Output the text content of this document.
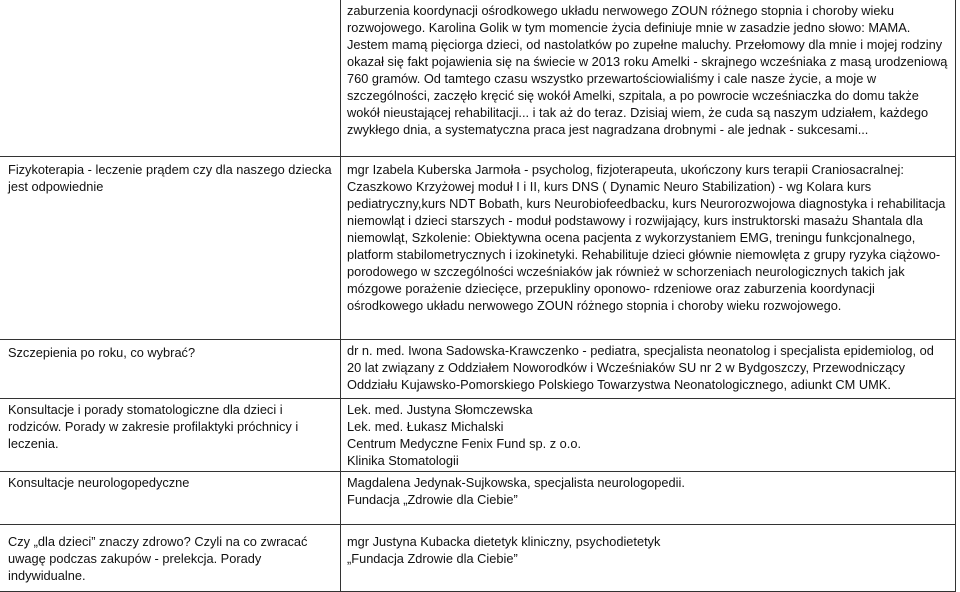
	zaburzenia koordynacji ośrodkowego układu nerwowego ZOUN różnego stopnia i choroby wieku rozwojowego. Karolina Golik w tym momencie życia definiuje mnie w zasadzie jedno słowo: MAMA. Jestem mamą pięciorga dzieci, od nastolatków po zupełne maluchy. Przełomowy dla mnie i mojej rodziny okazał się fakt pojawienia się na świecie w 2013 roku Amelki - skrajnego wcześniaka z masą urodzeniową 760 gramów. Od tamtego czasu wszystko przewartościowialiśmy i cale nasze życie, a moje w szczególności, zaczęło kręcić się wokół Amelki, szpitala, a po powrocie wcześniaczka do domu także wokół nieustającej rehabilitacji... i tak aż do teraz. Dzisiaj wiem, że cuda są naszym udziałem, każdego zwykłego dnia, a systematyczna praca jest nagradzana drobnymi - ale jednak - sukcesami...

Fizykoterapia - leczenie prądem czy dla naszego dziecka jest odpowiednie	mgr Izabela Kuberska Jarmoła - psycholog, fizjoterapeuta, ukończony kurs terapii Craniosacralnej: Czaszkowo Krzyżowej moduł I i II, kurs DNS ( Dynamic Neuro Stabilization) - wg Kolara kurs pediatryczny,kurs NDT Bobath, kurs Neurobiofeedbacku, kurs Neurorozwojowa diagnostyka i rehabilitacja niemowląt i dzieci starszych - moduł podstawowy i rozwijający, kurs instruktorski masażu Shantala dla niemowląt, Szkolenie: Obiektywna ocena pacjenta z wykorzystaniem EMG, treningu funkcjonalnego, platform stabilometrycznych i izokinetyki. Rehabilituje dzieci głównie niemowlęta z grupy ryzyka ciążowo- porodowego w szczególności wcześniaków jak również w schorzeniach neurologicznych takich jak mózgowe porażenie dziecięce, przepukliny oponowo- rdzeniowe oraz zaburzenia koordynacji ośrodkowego układu nerwowego ZOUN różnego stopnia i choroby wieku rozwojowego.

Szczepienia po roku, co wybrać?	dr n. med. Iwona Sadowska-Krawczenko - pediatra, specjalista neonatolog i specjalista epidemiolog, od 20 lat związany z Oddziałem Noworodków i Wcześniaków SU nr 2 w Bydgoszczy, Przewodniczący Oddziału Kujawsko-Pomorskiego Polskiego Towarzystwa Neonatologicznego, adiunkt CM UMK.

Konsultacje i porady stomatologiczne dla dzieci i rodziców. Porady w zakresie profilaktyki próchnicy i leczenia.	Lek. med. Justyna Słomczewska
Lek. med. Łukasz Michalski
Centrum Medyczne Fenix Fund sp. z o.o.
Klinika Stomatologii

Konsultacje neurologopedyczne	Magdalena Jedynak-Sujkowska, specjalista neurologopedii.
Fundacja „Zdrowie dla Ciebie”

Czy „dla dzieci” znaczy zdrowo? Czyli na co zwracać uwagę podczas zakupów - prelekcja. Porady indywidualne.	mgr Justyna Kubacka dietetyk kliniczny, psychodietetyk
„Fundacja Zdrowie dla Ciebie”
